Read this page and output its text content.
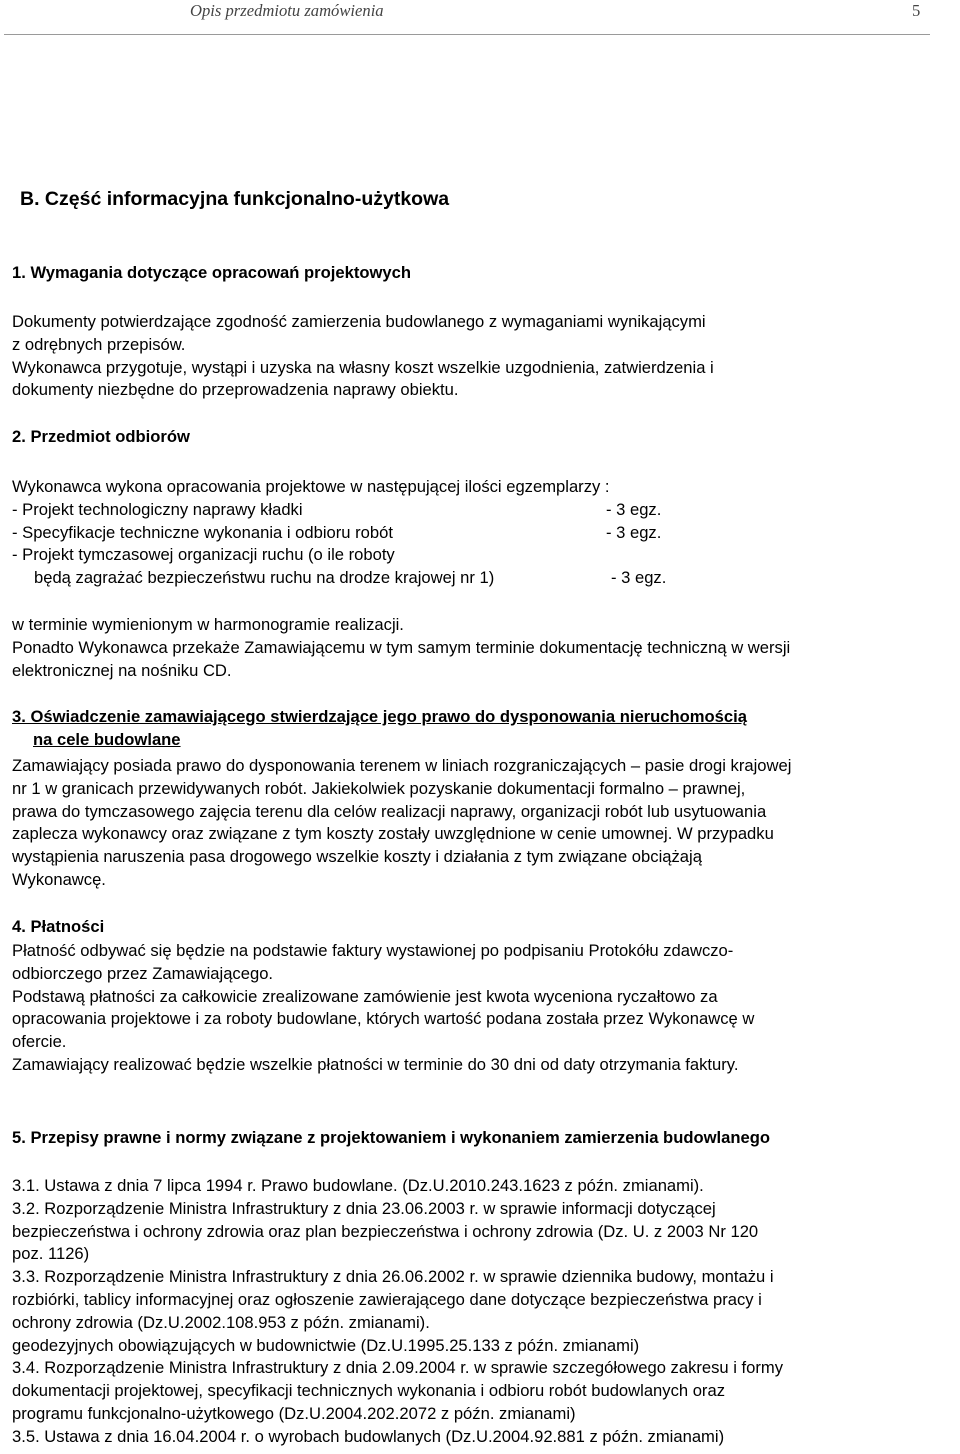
Opis przedmiotu zamówienia	5
B. Część informacyjna funkcjonalno-użytkowa
1. Wymagania dotyczące opracowań projektowych

Dokumenty potwierdzające zgodność zamierzenia budowlanego z wymaganiami wynikającymi

z odrębnych przepisów.

Wykonawca przygotuje, wystąpi i uzyska na własny koszt wszelkie uzgodnienia, zatwierdzenia i

dokumenty niezbędne do przeprowadzenia naprawy obiektu.

2. Przedmiot odbiorów

Wykonawca wykona opracowania projektowe w następującej ilości egzemplarzy :

- Projekt technologiczny naprawy kładki	- 3 egz.
- Specyfikacje techniczne wykonania i odbioru robót	- 3 egz.
- Projekt tymczasowej organizacji ruchu (o ile roboty
będą zagrażać bezpieczeństwu ruchu na drodze krajowej nr 1)	- 3 egz.

w terminie wymienionym w harmonogramie realizacji.

Ponadto Wykonawca przekaże Zamawiającemu w tym samym terminie dokumentację techniczną w wersji

elektronicznej na nośniku CD.

3. Oświadczenie zamawiającego stwierdzające jego prawo do dysponowania nieruchomością

na cele budowlane

Zamawiający posiada prawo do dysponowania terenem w liniach rozgraniczających – pasie drogi krajowej

nr 1 w granicach przewidywanych robót. Jakiekolwiek pozyskanie dokumentacji formalno – prawnej,

prawa do tymczasowego zajęcia terenu dla celów realizacji naprawy, organizacji robót lub usytuowania

zaplecza wykonawcy oraz związane z tym koszty zostały uwzględnione w cenie umownej. W przypadku

wystąpienia naruszenia pasa drogowego wszelkie koszty i działania z tym związane obciążają

Wykonawcę.

4. Płatności

Płatność odbywać się będzie na podstawie faktury wystawionej po podpisaniu Protokółu zdawczo-

odbiorczego przez Zamawiającego.

Podstawą płatności za całkowicie zrealizowane zamówienie jest kwota wyceniona ryczałtowo za

opracowania projektowe i za roboty budowlane, których wartość podana została przez Wykonawcę w

ofercie.

Zamawiający realizować będzie wszelkie płatności w terminie do 30 dni od daty otrzymania faktury.

5. Przepisy prawne i normy związane z projektowaniem i wykonaniem zamierzenia budowlanego

3.1. Ustawa z dnia 7 lipca 1994 r. Prawo budowlane. (Dz.U.2010.243.1623 z późn. zmianami).

3.2. Rozporządzenie Ministra Infrastruktury z dnia 23.06.2003 r. w sprawie informacji dotyczącej

bezpieczeństwa i ochrony zdrowia oraz plan bezpieczeństwa i ochrony zdrowia (Dz. U. z 2003 Nr 120

poz. 1126)

3.3. Rozporządzenie Ministra Infrastruktury z dnia 26.06.2002 r. w sprawie dziennika budowy, montażu i

rozbiórki, tablicy informacyjnej oraz ogłoszenie zawierającego dane dotyczące bezpieczeństwa pracy i

ochrony zdrowia (Dz.U.2002.108.953 z późn. zmianami).

geodezyjnych obowiązujących w budownictwie (Dz.U.1995.25.133 z późn. zmianami)

3.4. Rozporządzenie Ministra Infrastruktury z dnia 2.09.2004 r. w sprawie szczegółowego zakresu i formy

dokumentacji projektowej, specyfikacji technicznych wykonania i odbioru robót budowlanych oraz

programu funkcjonalno-użytkowego (Dz.U.2004.202.2072 z późn. zmianami)

3.5. Ustawa z dnia 16.04.2004 r. o wyrobach budowlanych (Dz.U.2004.92.881 z późn. zmianami)
